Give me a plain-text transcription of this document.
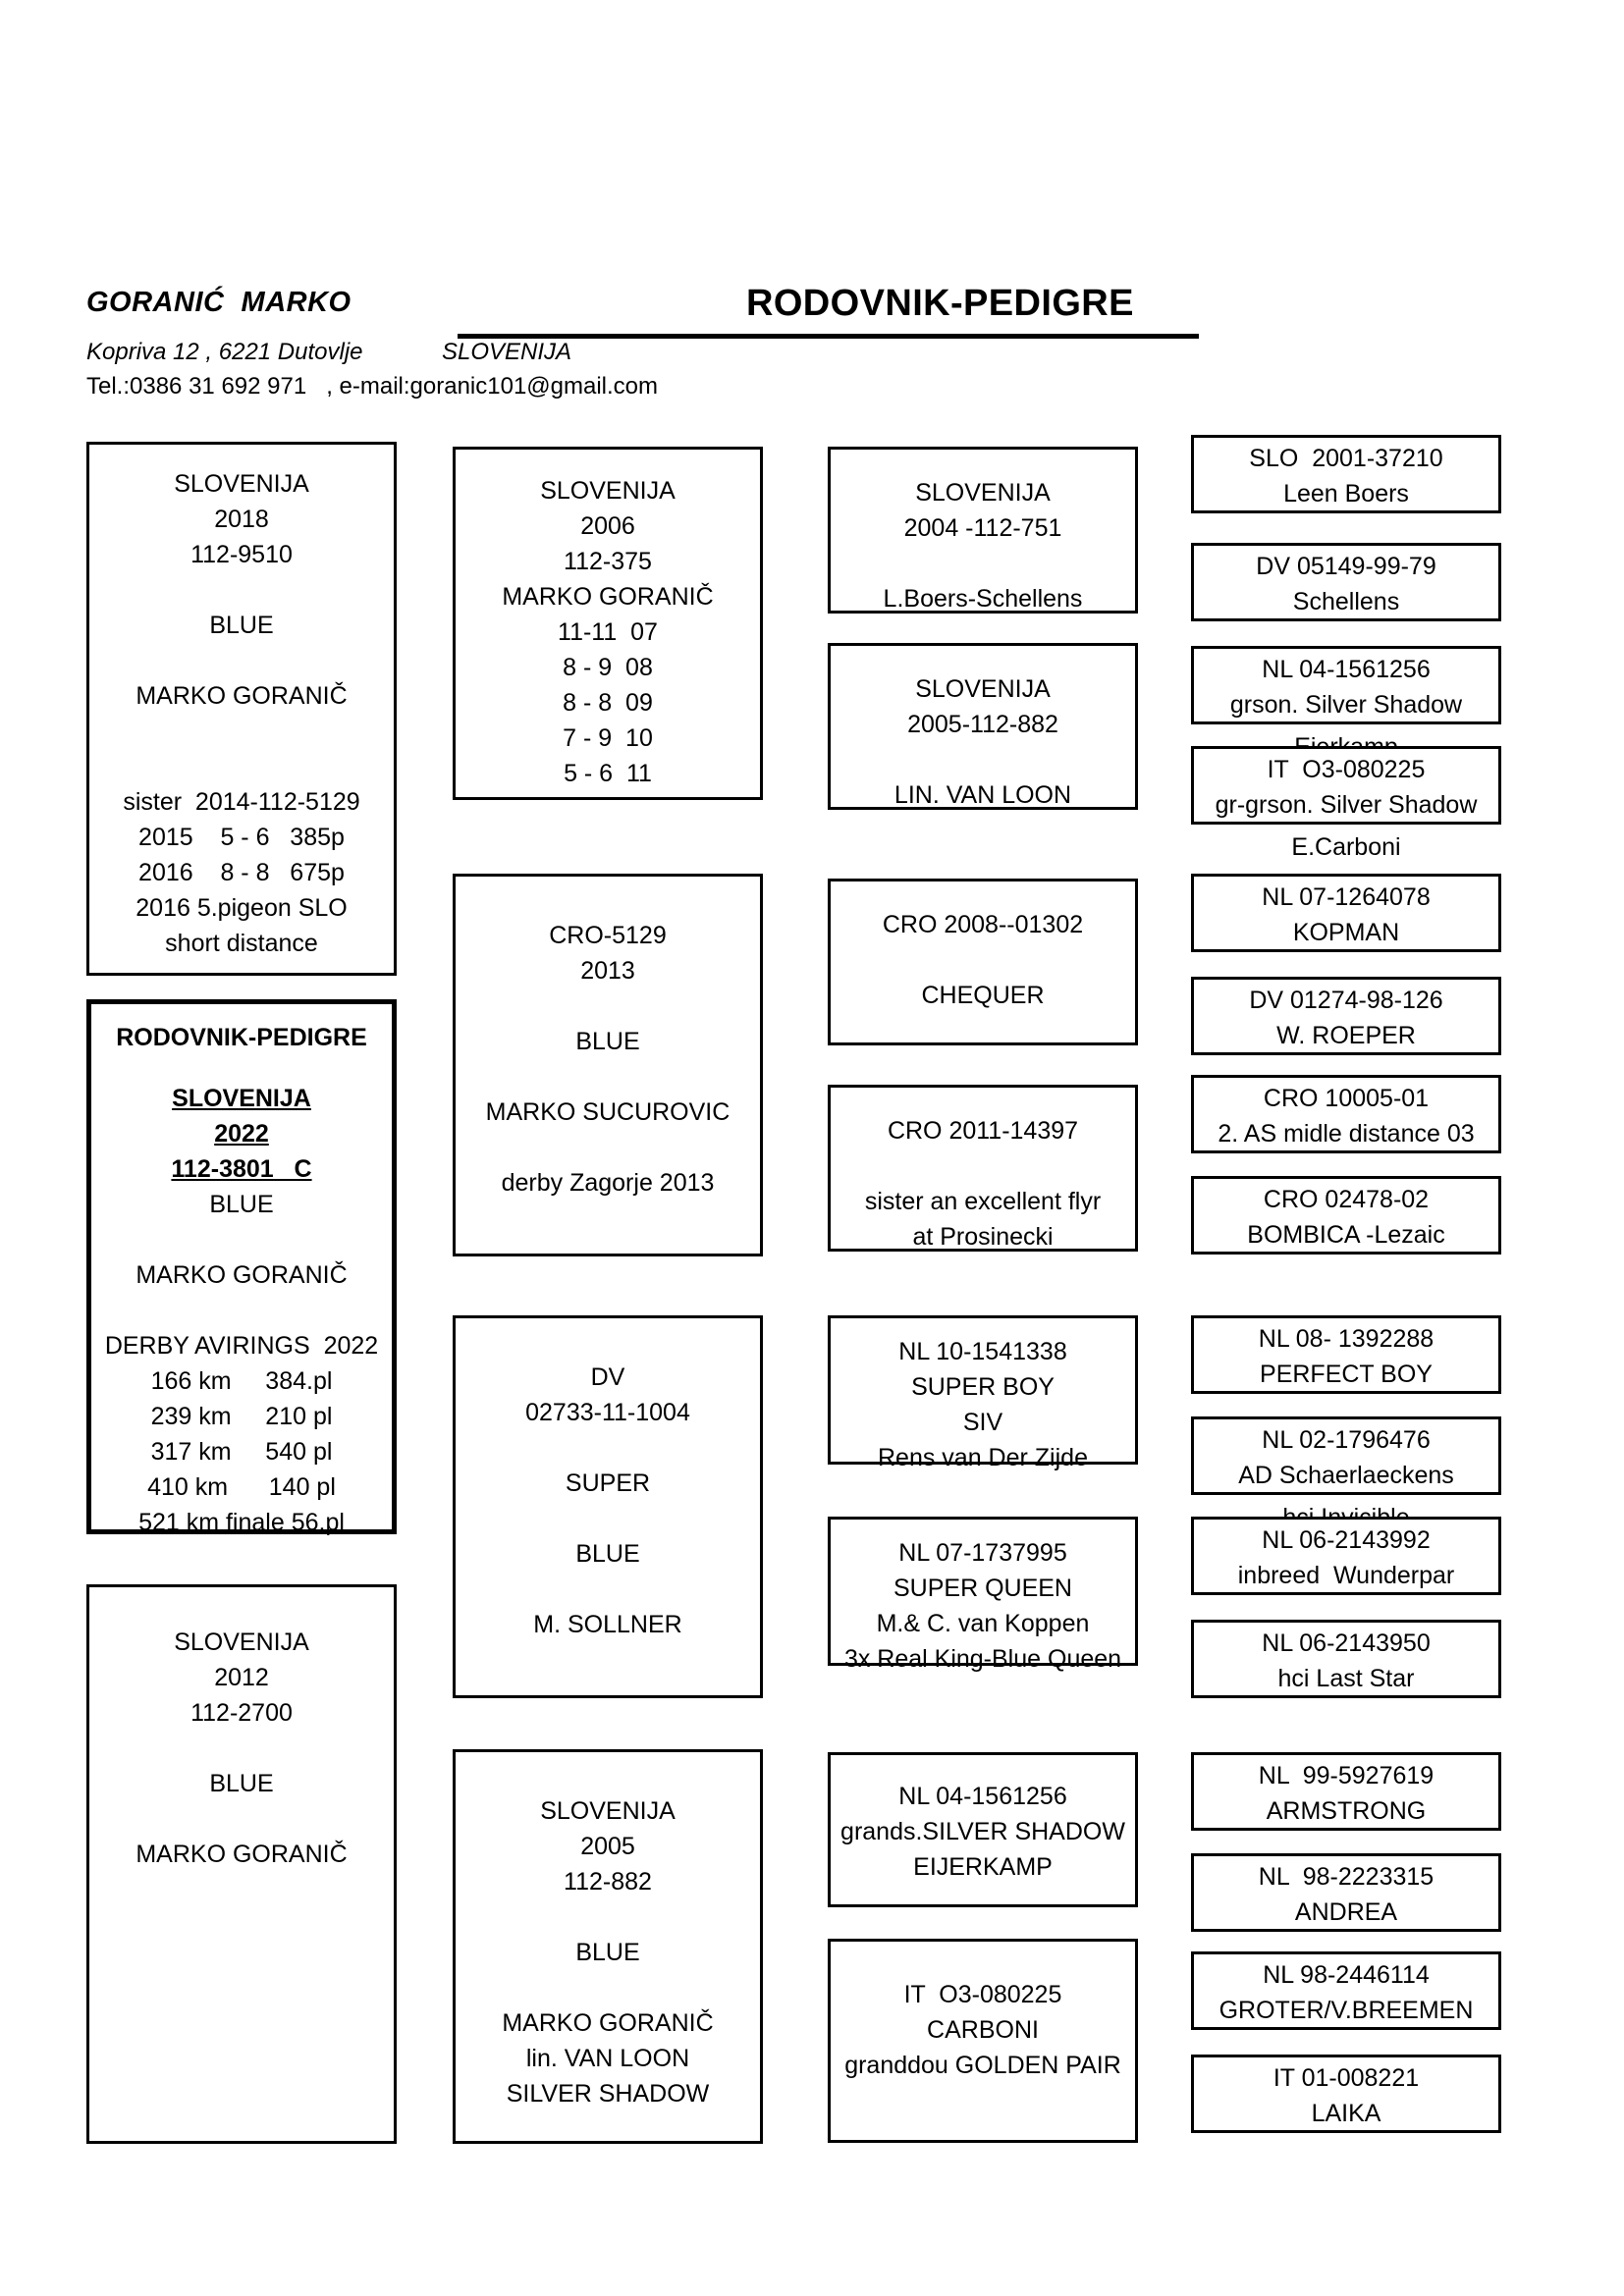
GORANIĆ  MARKO	RODOVNIK-PEDIGRE
Kopriva 12 , 6221 Dutovlje	SLOVENIJA
Tel.:0386 31 692 971   , e-mail:goranic101@gmail.com
SLOVENIJA
2018
112-9510

BLUE

MARKO GORANIČ

sister  2014-112-5129
2015    5 - 6   385p
2016    8 - 8   675p
2016 5.pigeon SLO
short distance
RODOVNIK-PEDIGRE
SLOVENIJA
2022
112-3801   C
BLUE

MARKO GORANIČ

DERBY AVIRINGS  2022
166 km     384.pl
239 km     210 pl
317 km     540 pl
410 km      140 pl
521 km finale 56.pl
SLOVENIJA
2012
112-2700

BLUE

MARKO GORANIČ
SLOVENIJA
2006
112-375
MARKO GORANIČ
11-11  07
8 - 9  08
8 - 8  09
7 - 9  10
5 - 6  11
CRO-5129
2013

BLUE

MARKO SUCUROVIC

derby Zagorje 2013
DV
02733-11-1004

SUPER

BLUE

M. SOLLNER
SLOVENIJA
2005
112-882

BLUE

MARKO GORANIČ
lin. VAN LOON
SILVER SHADOW
SLOVENIJA
2004 -112-751

L.Boers-Schellens
SLOVENIJA
2005-112-882

LIN. VAN LOON
CRO 2008--01302

CHEQUER
CRO 2011-14397

sister an excellent flyr
at Prosinecki
NL 10-1541338
SUPER BOY
SIV
Rens van Der Zijde
NL 07-1737995
SUPER QUEEN
M.& C. van Koppen
3x Real King-Blue Queen
NL 04-1561256
grands.SILVER SHADOW
EIJERKAMP
IT  O3-080225
CARBONI
granddou GOLDEN PAIR
SLO  2001-37210
Leen Boers
DV 05149-99-79
Schellens
NL 04-1561256
grson. Silver Shadow
IT  O3-080225
gr-grson. Silver Shadow
E.Carboni
NL 07-1264078
KOPMAN
DV 01274-98-126
W. ROEPER
CRO 10005-01
2. AS midle distance 03
CRO 02478-02
BOMBICA -Lezaic
NL 08- 1392288
PERFECT BOY
NL 02-1796476
AD Schaerlaeckens
NL 06-2143992
inbreed  Wunderpar
NL 06-2143950
hci Last Star
NL  99-5927619
ARMSTRONG
NL  98-2223315
ANDREA
NL 98-2446114
GROTER/V.BREEMEN
IT 01-008221
LAIKA
